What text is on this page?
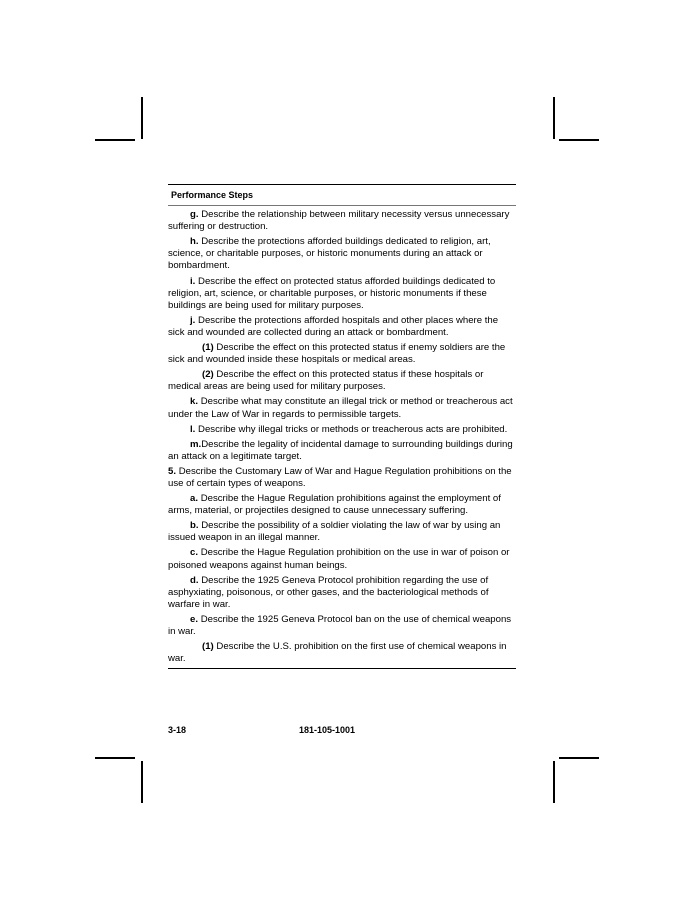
Performance Steps
g. Describe the relationship between military necessity versus unnecessary suffering or destruction.
h. Describe the protections afforded buildings dedicated to religion, art, science, or charitable purposes, or historic monuments during an attack or bombardment.
i. Describe the effect on protected status afforded buildings dedicated to religion, art, science, or charitable purposes, or historic monuments if these buildings are being used for military purposes.
j. Describe the protections afforded hospitals and other places where the sick and wounded are collected during an attack or bombardment.
(1) Describe the effect on this protected status if enemy soldiers are the sick and wounded inside these hospitals or medical areas.
(2) Describe the effect on this protected status if these hospitals or medical areas are being used for military purposes.
k. Describe what may constitute an illegal trick or method or treacherous act under the Law of War in regards to permissible targets.
l. Describe why illegal tricks or methods or treacherous acts are prohibited.
m.Describe the legality of incidental damage to surrounding buildings during an attack on a legitimate target.
5. Describe the Customary Law of War and Hague Regulation prohibitions on the use of certain types of weapons.
a. Describe the Hague Regulation prohibitions against the employment of arms, material, or projectiles designed to cause unnecessary suffering.
b. Describe the possibility of a soldier violating the law of war by using an issued weapon in an illegal manner.
c. Describe the Hague Regulation prohibition on the use in war of poison or poisoned weapons against human beings.
d. Describe the 1925 Geneva Protocol prohibition regarding the use of asphyxiating, poisonous, or other gases, and the bacteriological methods of warfare in war.
e. Describe the 1925 Geneva Protocol ban on the use of chemical weapons in war.
(1) Describe the U.S. prohibition on the first use of chemical weapons in war.
3-18	181-105-1001
